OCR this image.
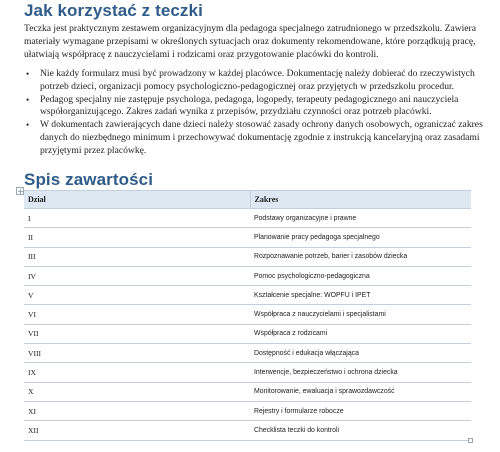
Jak korzystać z teczki

Teczka jest praktycznym zestawem organizacyjnym dla pedagoga specjalnego zatrudnionego w przedszkolu. Zawiera materiały wymagane przepisami w określonych sytuacjach oraz dokumenty rekomendowane, które porządkują pracę, ułatwiają współpracę z nauczycielami i rodzicami oraz przygotowanie placówki do kontroli.

• Nie każdy formularz musi być prowadzony w każdej placówce. Dokumentację należy dobierać do rzeczywistych potrzeb dzieci, organizacji pomocy psychologiczno-pedagogicznej oraz przyjętych w przedszkolu procedur.
• Pedagog specjalny nie zastępuje psychologa, pedagoga, logopedy, terapeuty pedagogicznego ani nauczyciela współorganizującego. Zakres zadań wynika z przepisów, przydziału czynności oraz potrzeb placówki.
• W dokumentach zawierających dane dzieci należy stosować zasady ochrony danych osobowych, ograniczać zakres danych do niezbędnego minimum i przechowywać dokumentację zgodnie z instrukcją kancelaryjną oraz zasadami przyjętymi przez placówkę.
Spis zawartości
Dział	Zakres
I	Podstawy organizacyjne i prawne
II	Planowanie pracy pedagoga specjalnego
III	Rozpoznawanie potrzeb, barier i zasobów dziecka
IV	Pomoc psychologiczno-pedagogiczna
V	Kształcenie specjalne: WOPFU i IPET
VI	Współpraca z nauczycielami i specjalistami
VII	Współpraca z rodzicami
VIII	Dostępność i edukacja włączająca
IX	Interwencje, bezpieczeństwo i ochrona dziecka
X	Monitorowanie, ewaluacja i sprawozdawczość
XI	Rejestry i formularze robocze
XII	Checklista teczki do kontroli
